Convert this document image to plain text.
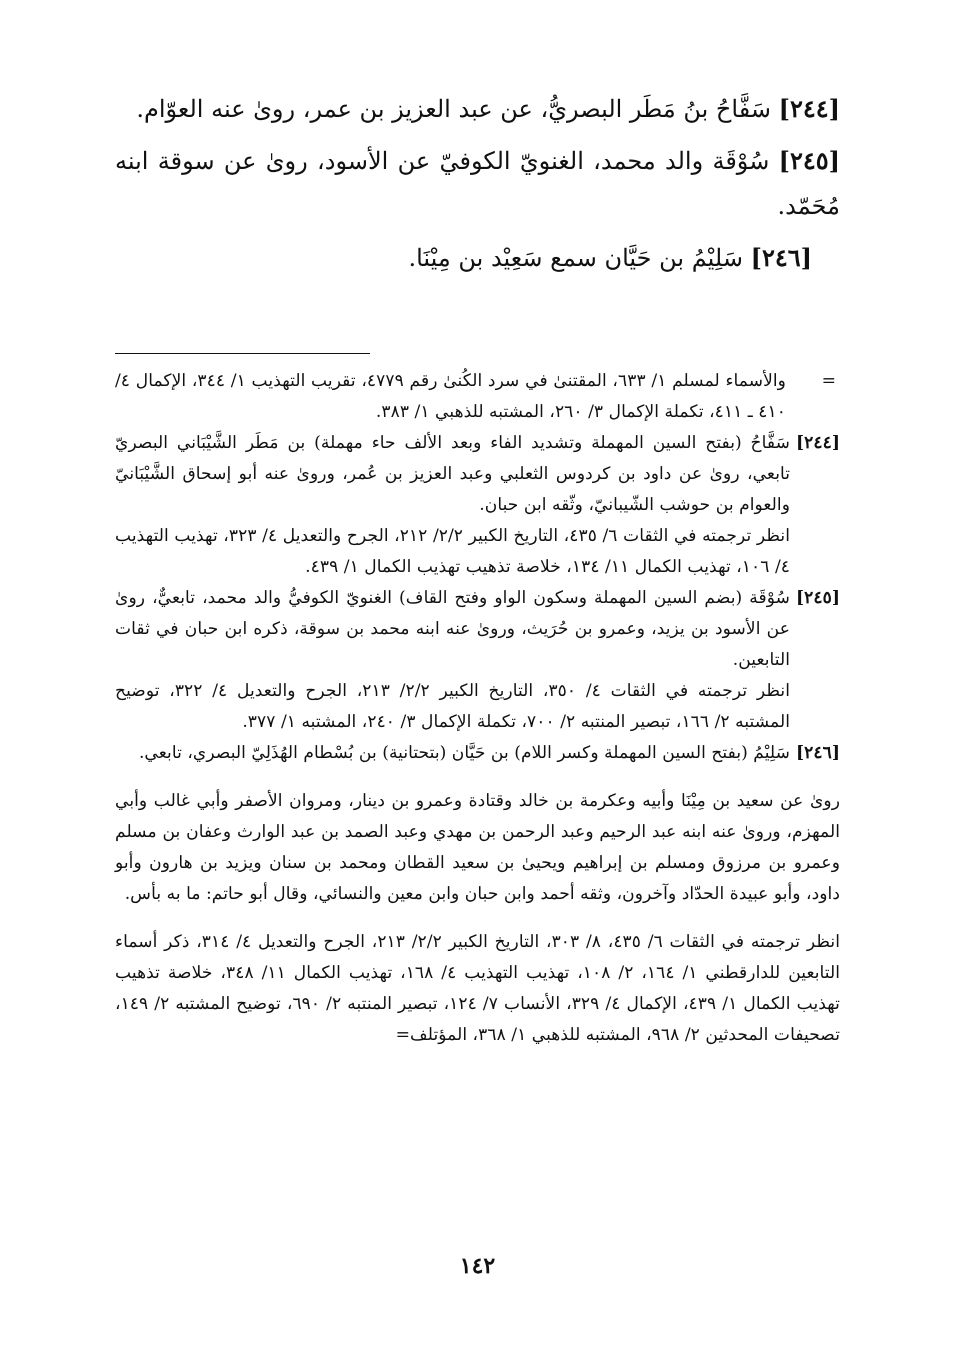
[٢٤٤] سَفَّاحُ بنُ مَطَر البصريُّ، عن عبد العزيز بن عمر، روىٰ عنه العوّام.

[٢٤٥] سُوْقَة والد محمد، الغنويّ الكوفيّ عن الأسود، روىٰ عن سوقة ابنه مُحَمّد.

[٢٤٦] سَلِيْمُ بن حَيَّان سمع سَعِيْد بن مِيْنَا.

=

والأسماء لمسلم ١/ ٦٣٣، المقتنىٰ في سرد الكُنىٰ رقم ٤٧٧٩، تقريب التهذيب ١/ ٣٤٤، الإكمال ٤/ ٤١٠ ـ ٤١١، تكملة الإكمال ٣/ ٢٦٠، المشتبه للذهبي ١/ ٣٨٣.

[٢٤٤]

سَفَّاحُ (بفتح السين المهملة وتشديد الفاء وبعد الألف حاء مهملة) بن مَطَر الشَّيْبَاني البصريّ تابعي، روىٰ عن داود بن كردوس الثعلبي وعبد العزيز بن عُمر، وروىٰ عنه أبو إسحاق الشَّيْبَانيّ والعوام بن حوشب الشّيبانيّ، وثّقه ابن حبان.

انظر ترجمته في الثقات ٦/ ٤٣٥، التاريخ الكبير ٢/٢/ ٢١٢، الجرح والتعديل ٤/ ٣٢٣، تهذيب التهذيب ٤/ ١٠٦، تهذيب الكمال ١١/ ١٣٤، خلاصة تذهيب تهذيب الكمال ١/ ٤٣٩.

[٢٤٥]

سُوْقَة (بضم السين المهملة وسكون الواو وفتح القاف) الغنويّ الكوفيُّ والد محمد، تابعيٌّ، روىٰ عن الأسود بن يزيد، وعمرو بن حُرَيث، وروىٰ عنه ابنه محمد بن سوقة، ذكره ابن حبان في ثقات التابعين.

انظر ترجمته في الثقات ٤/ ٣٥٠، التاريخ الكبير ٢/٢/ ٢١٣، الجرح والتعديل ٤/ ٣٢٢، توضيح المشتبه ٢/ ١٦٦، تبصير المنتبه ٢/ ٧٠٠، تكملة الإكمال ٣/ ٢٤٠، المشتبه ١/ ٣٧٧.

[٢٤٦]

سَلِيْمُ (بفتح السين المهملة وكسر اللام) بن حَيَّان (بتحتانية) بن بُسْطام الهُذَلِيّ البصري، تابعي.

روىٰ عن سعيد بن مِيْنَا وأبيه وعكرمة بن خالد وقتادة وعمرو بن دينار، ومروان الأصفر وأبي غالب وأبي المهزم، وروىٰ عنه ابنه عبد الرحيم وعبد الرحمن بن مهدي وعبد الصمد بن عبد الوارث وعفان بن مسلم وعمرو بن مرزوق ومسلم بن إبراهيم ويحيىٰ بن سعيد القطان ومحمد بن سنان ويزيد بن هارون وأبو داود، وأبو عبيدة الحدّاد وآخرون، وثقه أحمد وابن حبان وابن معين والنسائي، وقال أبو حاتم: ما به بأس.

انظر ترجمته في الثقات ٦/ ٤٣٥، ٨/ ٣٠٣، التاريخ الكبير ٢/٢/ ٢١٣، الجرح والتعديل ٤/ ٣١٤، ذكر أسماء التابعين للدارقطني ١/ ١٦٤، ٢/ ١٠٨، تهذيب التهذيب ٤/ ١٦٨، تهذيب الكمال ١١/ ٣٤٨، خلاصة تذهيب تهذيب الكمال ١/ ٤٣٩، الإكمال ٤/ ٣٢٩، الأنساب ٧/ ١٢٤، تبصير المنتبه ٢/ ٦٩٠، توضيح المشتبه ٢/ ١٤٩، تصحيفات المحدثين ٢/ ٩٦٨، المشتبه للذهبي ١/ ٣٦٨، المؤتلف=

١٤٢
